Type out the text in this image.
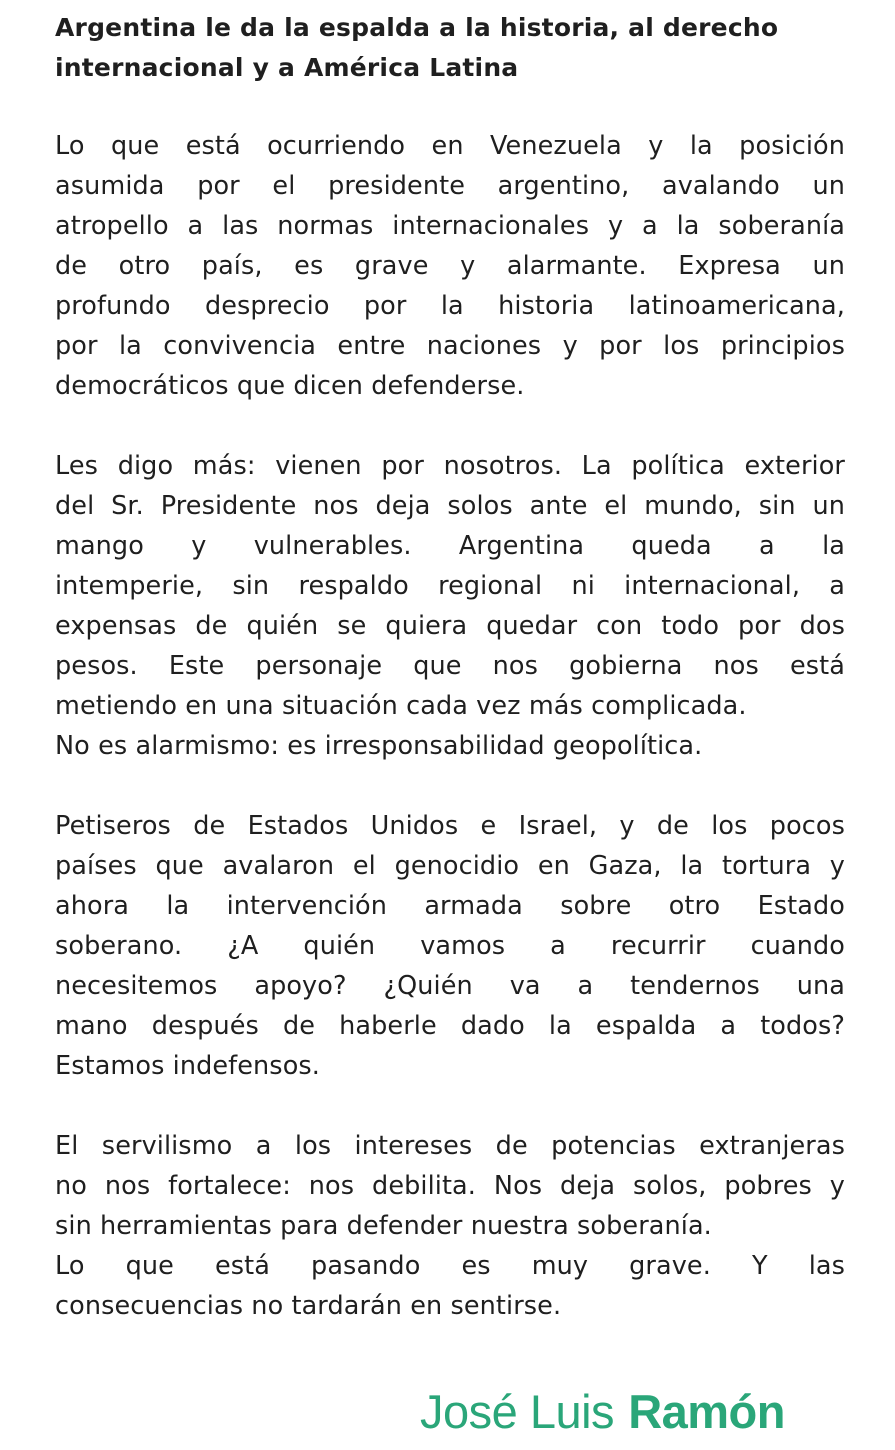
Argentina le da la espalda a la historia, al derecho
internacional y a América Latina
Lo que está ocurriendo en Venezuela y la posición
asumida por el presidente argentino, avalando un
atropello a las normas internacionales y a la soberanía
de otro país, es grave y alarmante. Expresa un
profundo desprecio por la historia latinoamericana,
por la convivencia entre naciones y por los principios
democráticos que dicen defenderse.
Les digo más: vienen por nosotros. La política exterior
del Sr. Presidente nos deja solos ante el mundo, sin un
mango y vulnerables. Argentina queda a la
intemperie, sin respaldo regional ni internacional, a
expensas de quién se quiera quedar con todo por dos
pesos. Este personaje que nos gobierna nos está
metiendo en una situación cada vez más complicada.
No es alarmismo: es irresponsabilidad geopolítica.
Petiseros de Estados Unidos e Israel, y de los pocos
países que avalaron el genocidio en Gaza, la tortura y
ahora la intervención armada sobre otro Estado
soberano. ¿A quién vamos a recurrir cuando
necesitemos apoyo? ¿Quién va a tendernos una
mano después de haberle dado la espalda a todos?
Estamos indefensos.
El servilismo a los intereses de potencias extranjeras
no nos fortalece: nos debilita. Nos deja solos, pobres y
sin herramientas para defender nuestra soberanía.
Lo que está pasando es muy grave. Y las
consecuencias no tardarán en sentirse.
José Luis Ramón
